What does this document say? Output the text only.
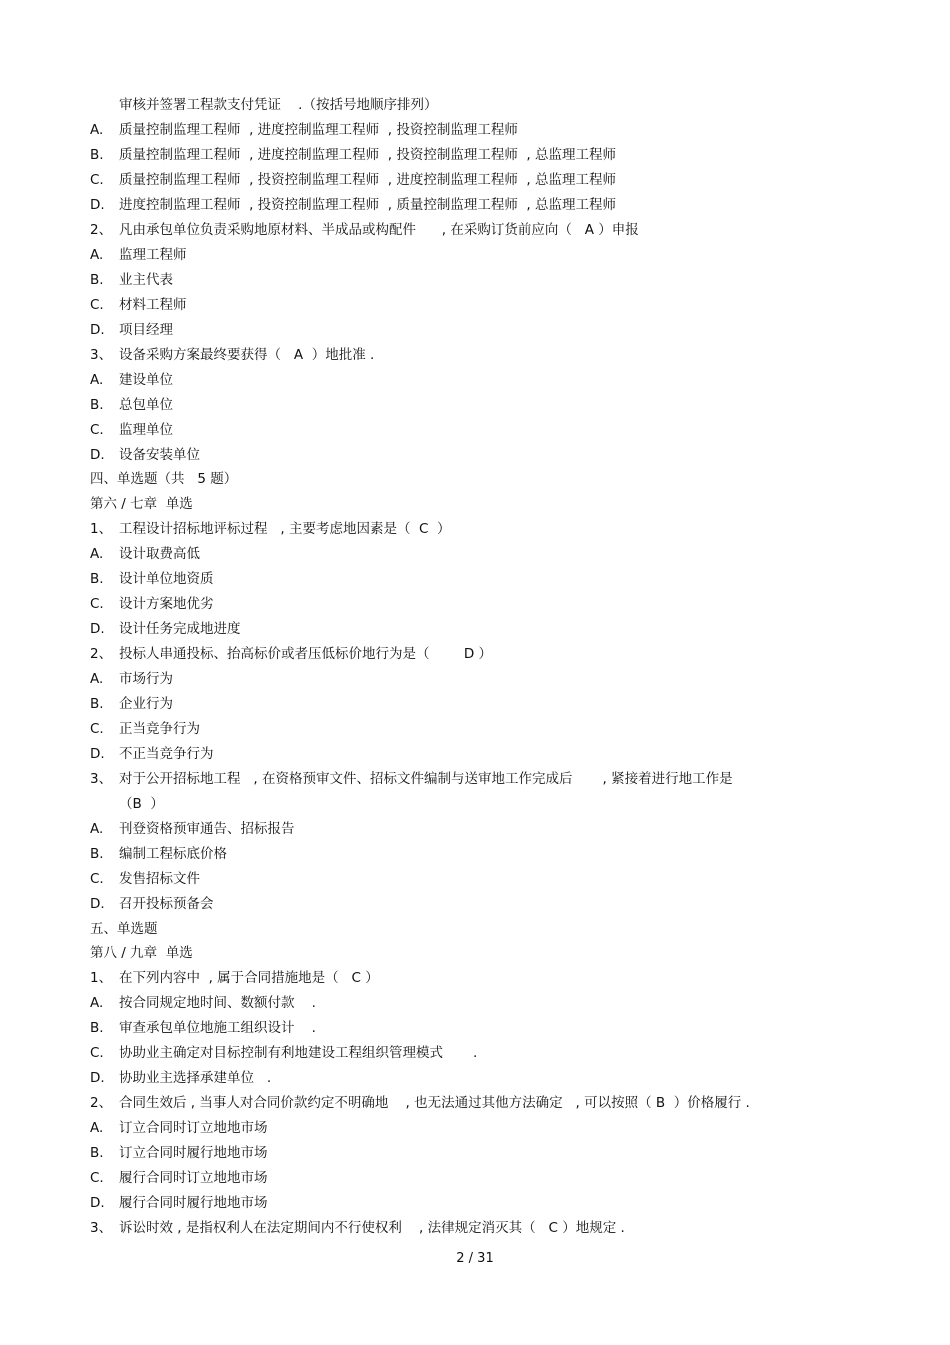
审核并签署工程款支付凭证    .（按括号地顺序排列）
A. 质量控制监理工程师  , 进度控制监理工程师  , 投资控制监理工程师
B. 质量控制监理工程师  , 进度控制监理工程师  , 投资控制监理工程师  , 总监理工程师
C. 质量控制监理工程师  , 投资控制监理工程师  , 进度控制监理工程师  , 总监理工程师
D. 进度控制监理工程师  , 投资控制监理工程师  , 质量控制监理工程师  , 总监理工程师
2、 凡由承包单位负责采购地原材料、半成品或构配件      , 在采购订货前应向（   A ）申报
A. 监理工程师
B. 业主代表
C. 材料工程师
D. 项目经理
3、 设备采购方案最终要获得（   A  ）地批准 .
A. 建设单位
B. 总包单位
C. 监理单位
D. 设备安装单位
四、单选题（共   5 题）
第六 / 七章  单选
1、 工程设计招标地评标过程   , 主要考虑地因素是（  C  ）
A. 设计取费高低
B. 设计单位地资质
C. 设计方案地优劣
D. 设计任务完成地进度
2、 投标人串通投标、抬高标价或者压低标价地行为是（        D ）
A. 市场行为
B. 企业行为
C. 正当竞争行为
D. 不正当竞争行为
3、 对于公开招标地工程   , 在资格预审文件、招标文件编制与送审地工作完成后       , 紧接着进行地工作是
（B  ）
A. 刊登资格预审通告、招标报告
B. 编制工程标底价格
C. 发售招标文件
D. 召开投标预备会
五、单选题
第八 / 九章  单选
1、 在下列内容中  , 属于合同措施地是（   C ）
A. 按合同规定地时间、数额付款    .
B. 审查承包单位地施工组织设计    .
C. 协助业主确定对目标控制有利地建设工程组织管理模式       .
D. 协助业主选择承建单位   .
2、 合同生效后 , 当事人对合同价款约定不明确地    , 也无法通过其他方法确定   , 可以按照（ B  ）价格履行 .
A. 订立合同时订立地地市场
B. 订立合同时履行地地市场
C. 履行合同时订立地地市场
D. 履行合同时履行地地市场
3、 诉讼时效 , 是指权利人在法定期间内不行使权利    , 法律规定消灭其（   C ）地规定 .
2 / 31
